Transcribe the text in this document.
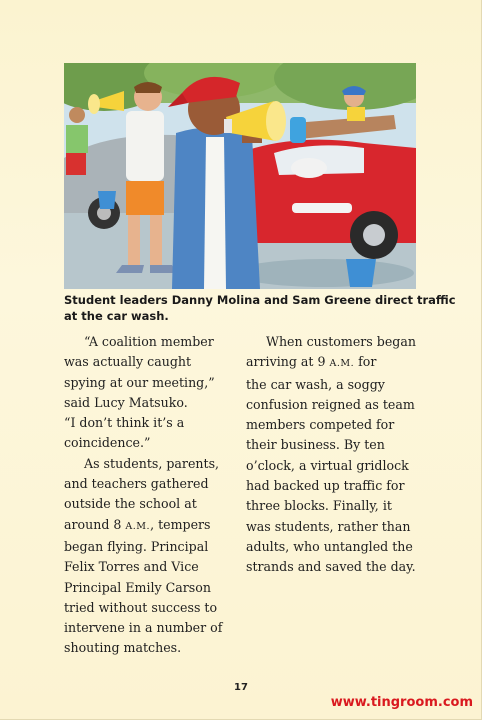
Student leaders Danny Molina and Sam Greene direct traffic
at the car wash.

“A coalition member
was actually caught
spying at our meeting,”
said Lucy Matsuko.
“I don’t think it’s a
coincidence.”

As students, parents,
and teachers gathered
outside the school at
around 8 A.M., tempers
began flying. Principal
Felix Torres and Vice
Principal Emily Carson
tried without success to
intervene in a number of
shouting matches.

When customers began
arriving at 9 A.M. for
the car wash, a soggy
confusion reigned as team
members competed for
their business. By ten
o’clock, a virtual gridlock
had backed up traffic for
three blocks. Finally, it
was students, rather than
adults, who untangled the
strands and saved the day.

17
www.tingroom.com
